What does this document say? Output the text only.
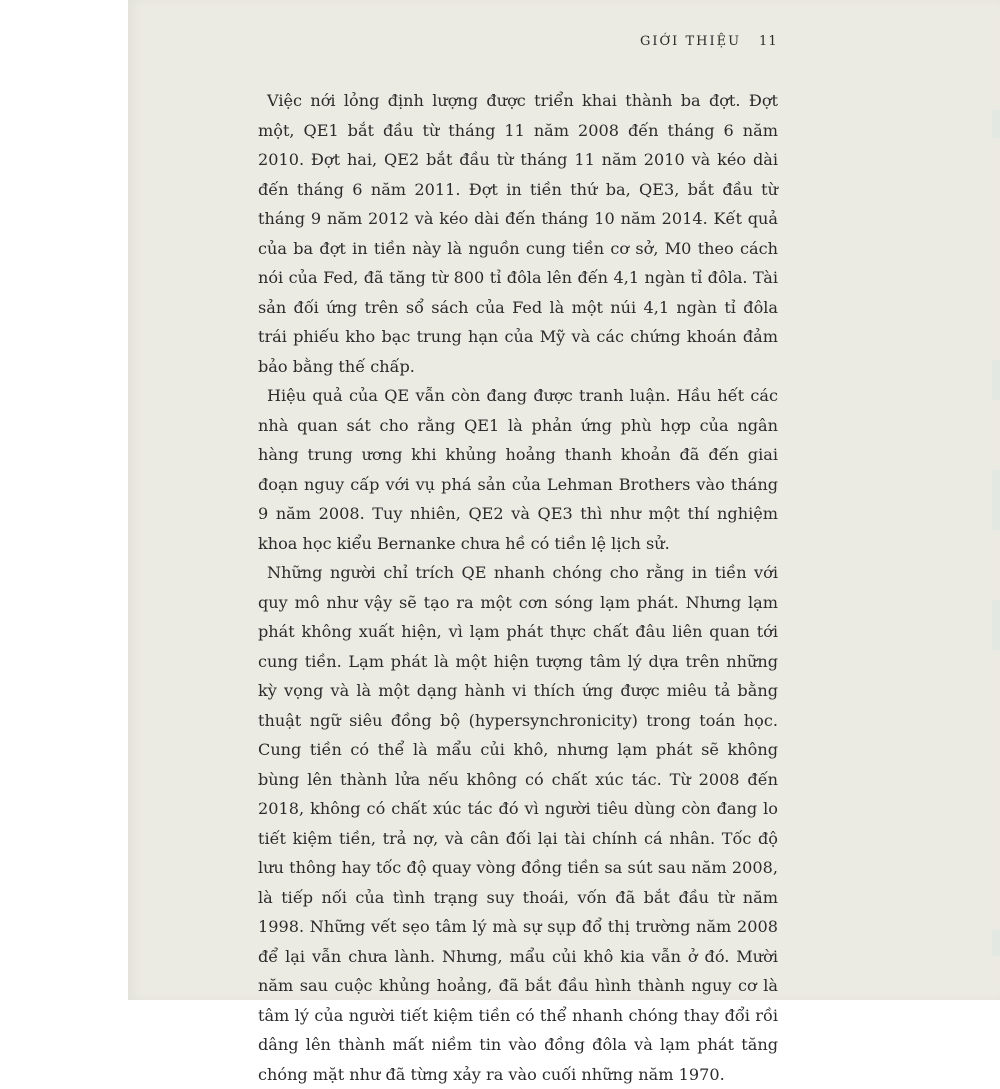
GIỚI THIỆU 11

Việc nới lỏng định lượng được triển khai thành ba đợt. Đợt một, QE1 bắt đầu từ tháng 11 năm 2008 đến tháng 6 năm 2010. Đợt hai, QE2 bắt đầu từ tháng 11 năm 2010 và kéo dài đến tháng 6 năm 2011. Đợt in tiền thứ ba, QE3, bắt đầu từ tháng 9 năm 2012 và kéo dài đến tháng 10 năm 2014. Kết quả của ba đợt in tiền này là nguồn cung tiền cơ sở, M0 theo cách nói của Fed, đã tăng từ 800 tỉ đôla lên đến 4,1 ngàn tỉ đôla. Tài sản đối ứng trên sổ sách của Fed là một núi 4,1 ngàn tỉ đôla trái phiếu kho bạc trung hạn của Mỹ và các chứng khoán đảm bảo bằng thế chấp.

Hiệu quả của QE vẫn còn đang được tranh luận. Hầu hết các nhà quan sát cho rằng QE1 là phản ứng phù hợp của ngân hàng trung ương khi khủng hoảng thanh khoản đã đến giai đoạn nguy cấp với vụ phá sản của Lehman Brothers vào tháng 9 năm 2008. Tuy nhiên, QE2 và QE3 thì như một thí nghiệm khoa học kiểu Bernanke chưa hề có tiền lệ lịch sử.

Những người chỉ trích QE nhanh chóng cho rằng in tiền với quy mô như vậy sẽ tạo ra một cơn sóng lạm phát. Nhưng lạm phát không xuất hiện, vì lạm phát thực chất đâu liên quan tới cung tiền. Lạm phát là một hiện tượng tâm lý dựa trên những kỳ vọng và là một dạng hành vi thích ứng được miêu tả bằng thuật ngữ siêu đồng bộ (hypersynchronicity) trong toán học. Cung tiền có thể là mẩu củi khô, nhưng lạm phát sẽ không bùng lên thành lửa nếu không có chất xúc tác. Từ 2008 đến 2018, không có chất xúc tác đó vì người tiêu dùng còn đang lo tiết kiệm tiền, trả nợ, và cân đối lại tài chính cá nhân. Tốc độ lưu thông hay tốc độ quay vòng đồng tiền sa sút sau năm 2008, là tiếp nối của tình trạng suy thoái, vốn đã bắt đầu từ năm 1998. Những vết sẹo tâm lý mà sự sụp đổ thị trường năm 2008 để lại vẫn chưa lành. Nhưng, mẩu củi khô kia vẫn ở đó. Mười năm sau cuộc khủng hoảng, đã bắt đầu hình thành nguy cơ là tâm lý của người tiết kiệm tiền có thể nhanh chóng thay đổi rồi dâng lên thành mất niềm tin vào đồng đôla và lạm phát tăng chóng mặt như đã từng xảy ra vào cuối những năm 1970.
